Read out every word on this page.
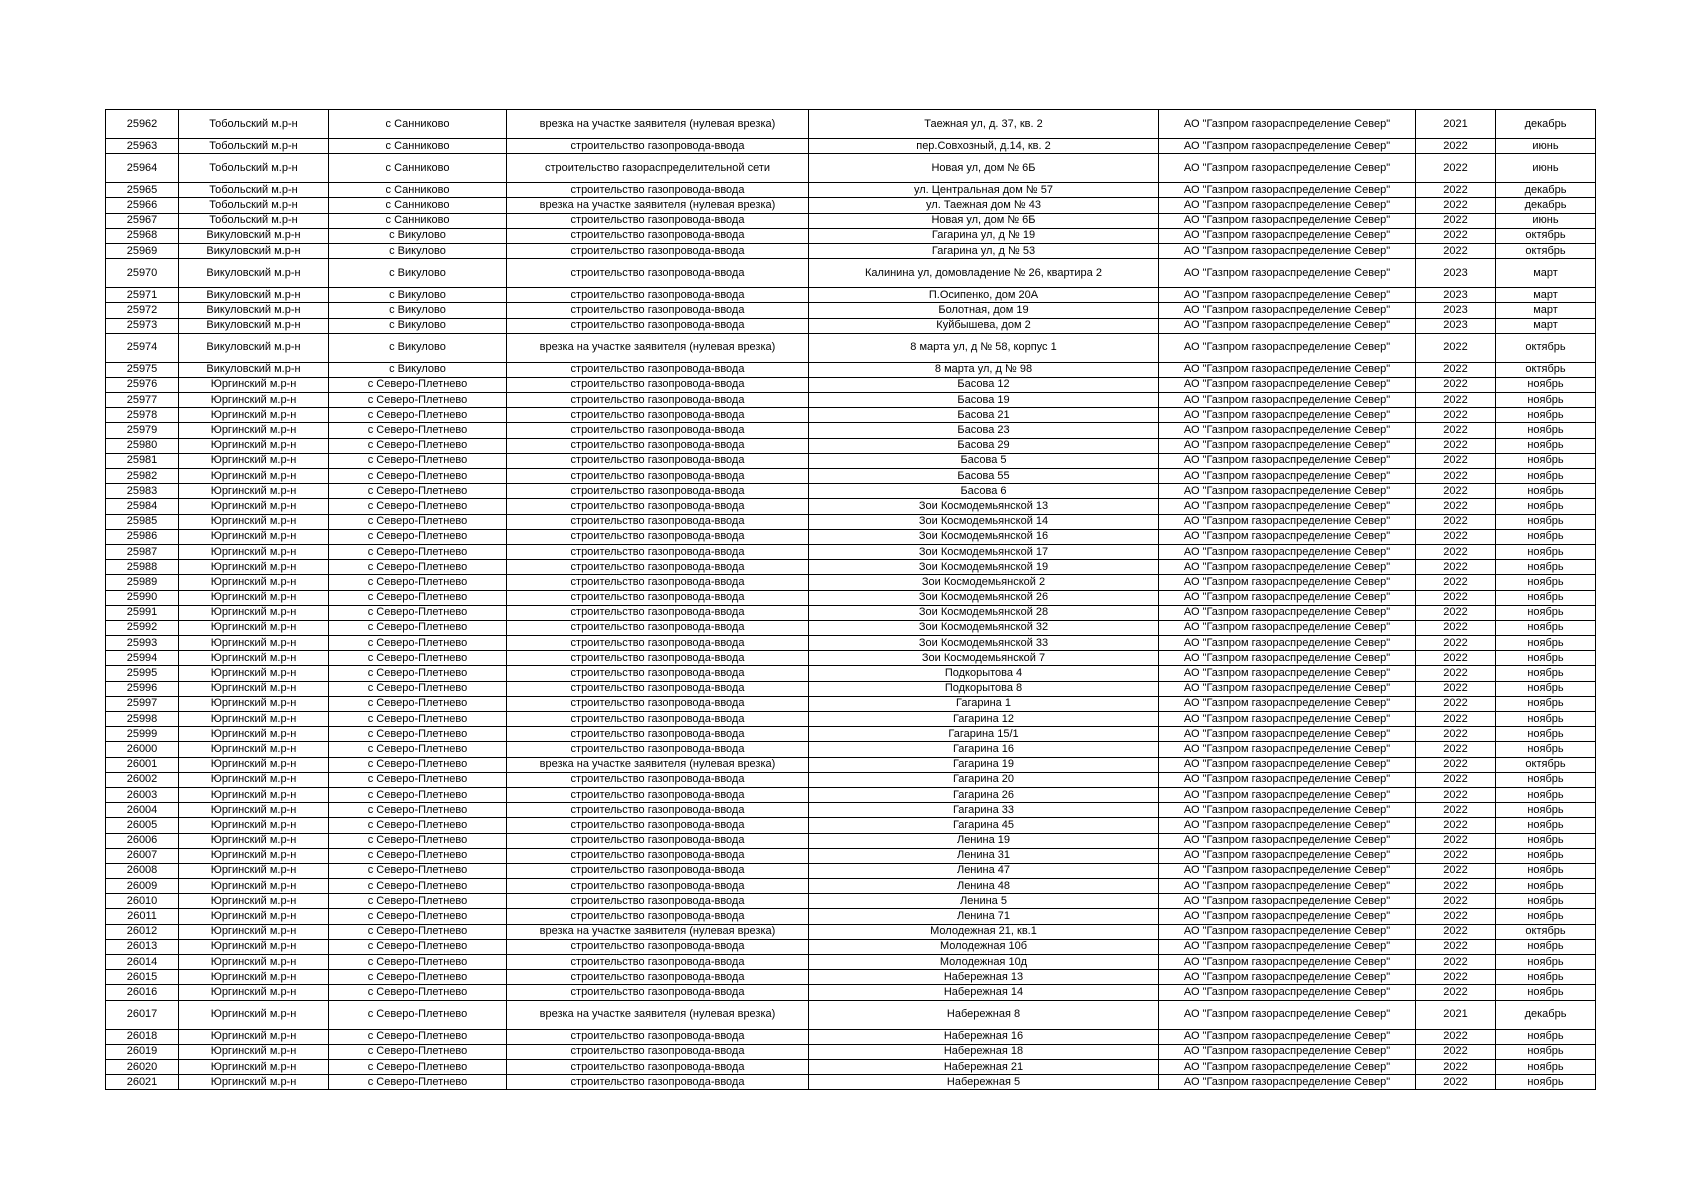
25962	Тобольский м.р-н	с Санниково	врезка на участке заявителя (нулевая врезка)	Таежная ул, д. 37, кв. 2	АО "Газпром газораспределение Север"	2021	декабрь
25963	Тобольский м.р-н	с Санниково	строительство газопровода-ввода	пер.Совхозный, д.14, кв. 2	АО "Газпром газораспределение Север"	2022	июнь
25964	Тобольский м.р-н	с Санниково	строительство газораспределительной сети	Новая ул, дом № 6Б	АО "Газпром газораспределение Север"	2022	июнь
25965	Тобольский м.р-н	с Санниково	строительство газопровода-ввода	ул. Центральная дом № 57	АО "Газпром газораспределение Север"	2022	декабрь
25966	Тобольский м.р-н	с Санниково	врезка на участке заявителя (нулевая врезка)	ул. Таежная дом № 43	АО "Газпром газораспределение Север"	2022	декабрь
25967	Тобольский м.р-н	с Санниково	строительство газопровода-ввода	Новая ул, дом № 6Б	АО "Газпром газораспределение Север"	2022	июнь
25968	Викуловский м.р-н	с Викулово	строительство газопровода-ввода	Гагарина ул, д № 19	АО "Газпром газораспределение Север"	2022	октябрь
25969	Викуловский м.р-н	с Викулово	строительство газопровода-ввода	Гагарина ул, д № 53	АО "Газпром газораспределение Север"	2022	октябрь
25970	Викуловский м.р-н	с Викулово	строительство газопровода-ввода	Калинина ул, домовладение № 26, квартира 2	АО "Газпром газораспределение Север"	2023	март
25971	Викуловский м.р-н	с Викулово	строительство газопровода-ввода	П.Осипенко, дом 20А	АО "Газпром газораспределение Север"	2023	март
25972	Викуловский м.р-н	с Викулово	строительство газопровода-ввода	Болотная, дом 19	АО "Газпром газораспределение Север"	2023	март
25973	Викуловский м.р-н	с Викулово	строительство газопровода-ввода	Куйбышева, дом 2	АО "Газпром газораспределение Север"	2023	март
25974	Викуловский м.р-н	с Викулово	врезка на участке заявителя (нулевая врезка)	8 марта ул, д № 58, корпус 1	АО "Газпром газораспределение Север"	2022	октябрь
25975	Викуловский м.р-н	с Викулово	строительство газопровода-ввода	8 марта ул, д № 98	АО "Газпром газораспределение Север"	2022	октябрь
25976	Юргинский м.р-н	с Северо-Плетнево	строительство газопровода-ввода	Басова 12	АО "Газпром газораспределение Север"	2022	ноябрь
25977	Юргинский м.р-н	с Северо-Плетнево	строительство газопровода-ввода	Басова 19	АО "Газпром газораспределение Север"	2022	ноябрь
25978	Юргинский м.р-н	с Северо-Плетнево	строительство газопровода-ввода	Басова 21	АО "Газпром газораспределение Север"	2022	ноябрь
25979	Юргинский м.р-н	с Северо-Плетнево	строительство газопровода-ввода	Басова 23	АО "Газпром газораспределение Север"	2022	ноябрь
25980	Юргинский м.р-н	с Северо-Плетнево	строительство газопровода-ввода	Басова 29	АО "Газпром газораспределение Север"	2022	ноябрь
25981	Юргинский м.р-н	с Северо-Плетнево	строительство газопровода-ввода	Басова 5	АО "Газпром газораспределение Север"	2022	ноябрь
25982	Юргинский м.р-н	с Северо-Плетнево	строительство газопровода-ввода	Басова 55	АО "Газпром газораспределение Север"	2022	ноябрь
25983	Юргинский м.р-н	с Северо-Плетнево	строительство газопровода-ввода	Басова 6	АО "Газпром газораспределение Север"	2022	ноябрь
25984	Юргинский м.р-н	с Северо-Плетнево	строительство газопровода-ввода	Зои Космодемьянской 13	АО "Газпром газораспределение Север"	2022	ноябрь
25985	Юргинский м.р-н	с Северо-Плетнево	строительство газопровода-ввода	Зои Космодемьянской 14	АО "Газпром газораспределение Север"	2022	ноябрь
25986	Юргинский м.р-н	с Северо-Плетнево	строительство газопровода-ввода	Зои Космодемьянской 16	АО "Газпром газораспределение Север"	2022	ноябрь
25987	Юргинский м.р-н	с Северо-Плетнево	строительство газопровода-ввода	Зои Космодемьянской 17	АО "Газпром газораспределение Север"	2022	ноябрь
25988	Юргинский м.р-н	с Северо-Плетнево	строительство газопровода-ввода	Зои Космодемьянской 19	АО "Газпром газораспределение Север"	2022	ноябрь
25989	Юргинский м.р-н	с Северо-Плетнево	строительство газопровода-ввода	Зои Космодемьянской 2	АО "Газпром газораспределение Север"	2022	ноябрь
25990	Юргинский м.р-н	с Северо-Плетнево	строительство газопровода-ввода	Зои Космодемьянской 26	АО "Газпром газораспределение Север"	2022	ноябрь
25991	Юргинский м.р-н	с Северо-Плетнево	строительство газопровода-ввода	Зои Космодемьянской 28	АО "Газпром газораспределение Север"	2022	ноябрь
25992	Юргинский м.р-н	с Северо-Плетнево	строительство газопровода-ввода	Зои Космодемьянской 32	АО "Газпром газораспределение Север"	2022	ноябрь
25993	Юргинский м.р-н	с Северо-Плетнево	строительство газопровода-ввода	Зои Космодемьянской 33	АО "Газпром газораспределение Север"	2022	ноябрь
25994	Юргинский м.р-н	с Северо-Плетнево	строительство газопровода-ввода	Зои Космодемьянской 7	АО "Газпром газораспределение Север"	2022	ноябрь
25995	Юргинский м.р-н	с Северо-Плетнево	строительство газопровода-ввода	Подкорытова 4	АО "Газпром газораспределение Север"	2022	ноябрь
25996	Юргинский м.р-н	с Северо-Плетнево	строительство газопровода-ввода	Подкорытова 8	АО "Газпром газораспределение Север"	2022	ноябрь
25997	Юргинский м.р-н	с Северо-Плетнево	строительство газопровода-ввода	Гагарина 1	АО "Газпром газораспределение Север"	2022	ноябрь
25998	Юргинский м.р-н	с Северо-Плетнево	строительство газопровода-ввода	Гагарина 12	АО "Газпром газораспределение Север"	2022	ноябрь
25999	Юргинский м.р-н	с Северо-Плетнево	строительство газопровода-ввода	Гагарина 15/1	АО "Газпром газораспределение Север"	2022	ноябрь
26000	Юргинский м.р-н	с Северо-Плетнево	строительство газопровода-ввода	Гагарина 16	АО "Газпром газораспределение Север"	2022	ноябрь
26001	Юргинский м.р-н	с Северо-Плетнево	врезка на участке заявителя (нулевая врезка)	Гагарина 19	АО "Газпром газораспределение Север"	2022	октябрь
26002	Юргинский м.р-н	с Северо-Плетнево	строительство газопровода-ввода	Гагарина 20	АО "Газпром газораспределение Север"	2022	ноябрь
26003	Юргинский м.р-н	с Северо-Плетнево	строительство газопровода-ввода	Гагарина 26	АО "Газпром газораспределение Север"	2022	ноябрь
26004	Юргинский м.р-н	с Северо-Плетнево	строительство газопровода-ввода	Гагарина 33	АО "Газпром газораспределение Север"	2022	ноябрь
26005	Юргинский м.р-н	с Северо-Плетнево	строительство газопровода-ввода	Гагарина 45	АО "Газпром газораспределение Север"	2022	ноябрь
26006	Юргинский м.р-н	с Северо-Плетнево	строительство газопровода-ввода	Ленина 19	АО "Газпром газораспределение Север"	2022	ноябрь
26007	Юргинский м.р-н	с Северо-Плетнево	строительство газопровода-ввода	Ленина 31	АО "Газпром газораспределение Север"	2022	ноябрь
26008	Юргинский м.р-н	с Северо-Плетнево	строительство газопровода-ввода	Ленина 47	АО "Газпром газораспределение Север"	2022	ноябрь
26009	Юргинский м.р-н	с Северо-Плетнево	строительство газопровода-ввода	Ленина 48	АО "Газпром газораспределение Север"	2022	ноябрь
26010	Юргинский м.р-н	с Северо-Плетнево	строительство газопровода-ввода	Ленина 5	АО "Газпром газораспределение Север"	2022	ноябрь
26011	Юргинский м.р-н	с Северо-Плетнево	строительство газопровода-ввода	Ленина 71	АО "Газпром газораспределение Север"	2022	ноябрь
26012	Юргинский м.р-н	с Северо-Плетнево	врезка на участке заявителя (нулевая врезка)	Молодежная 21, кв.1	АО "Газпром газораспределение Север"	2022	октябрь
26013	Юргинский м.р-н	с Северо-Плетнево	строительство газопровода-ввода	Молодежная 10б	АО "Газпром газораспределение Север"	2022	ноябрь
26014	Юргинский м.р-н	с Северо-Плетнево	строительство газопровода-ввода	Молодежная 10д	АО "Газпром газораспределение Север"	2022	ноябрь
26015	Юргинский м.р-н	с Северо-Плетнево	строительство газопровода-ввода	Набережная 13	АО "Газпром газораспределение Север"	2022	ноябрь
26016	Юргинский м.р-н	с Северо-Плетнево	строительство газопровода-ввода	Набережная 14	АО "Газпром газораспределение Север"	2022	ноябрь
26017	Юргинский м.р-н	с Северо-Плетнево	врезка на участке заявителя (нулевая врезка)	Набережная 8	АО "Газпром газораспределение Север"	2021	декабрь
26018	Юргинский м.р-н	с Северо-Плетнево	строительство газопровода-ввода	Набережная 16	АО "Газпром газораспределение Север"	2022	ноябрь
26019	Юргинский м.р-н	с Северо-Плетнево	строительство газопровода-ввода	Набережная 18	АО "Газпром газораспределение Север"	2022	ноябрь
26020	Юргинский м.р-н	с Северо-Плетнево	строительство газопровода-ввода	Набережная 21	АО "Газпром газораспределение Север"	2022	ноябрь
26021	Юргинский м.р-н	с Северо-Плетнево	строительство газопровода-ввода	Набережная 5	АО "Газпром газораспределение Север"	2022	ноябрь
